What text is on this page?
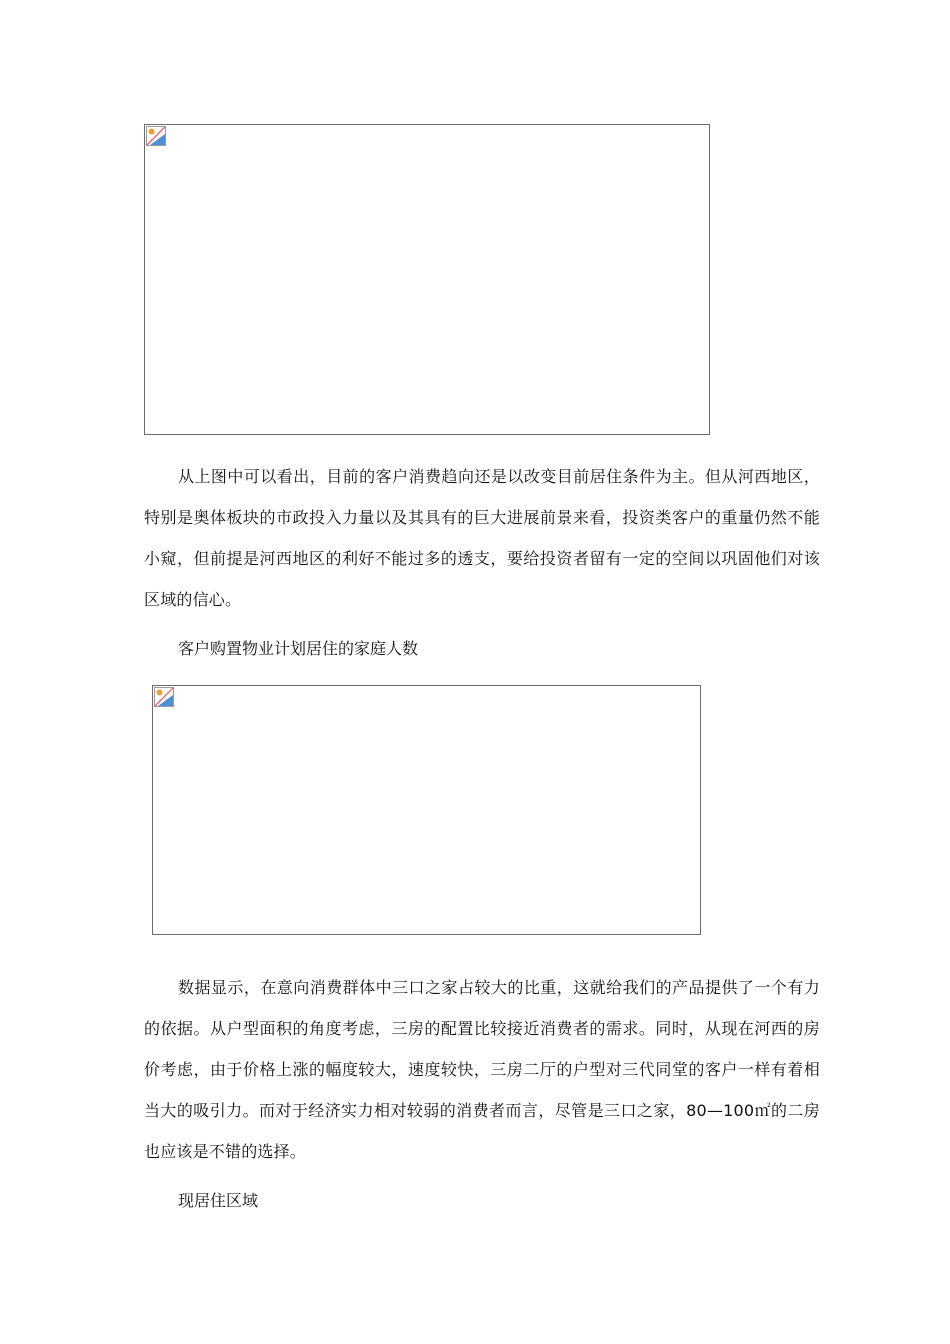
从上图中可以看出，目前的客户消费趋向还是以改变目前居住条件为主。但从河西地区，特别是奥体板块的市政投入力量以及其具有的巨大进展前景来看，投资类客户的重量仍然不能小窥，但前提是河西地区的利好不能过多的透支，要给投资者留有一定的空间以巩固他们对该区域的信心。

客户购置物业计划居住的家庭人数

数据显示，在意向消费群体中三口之家占较大的比重，这就给我们的产品提供了一个有力的依据。从户型面积的角度考虑，三房的配置比较接近消费者的需求。同时，从现在河西的房价考虑，由于价格上涨的幅度较大，速度较快，三房二厅的户型对三代同堂的客户一样有着相当大的吸引力。而对于经济实力相对较弱的消费者而言，尽管是三口之家，80—100㎡的二房也应该是不错的选择。

现居住区域
